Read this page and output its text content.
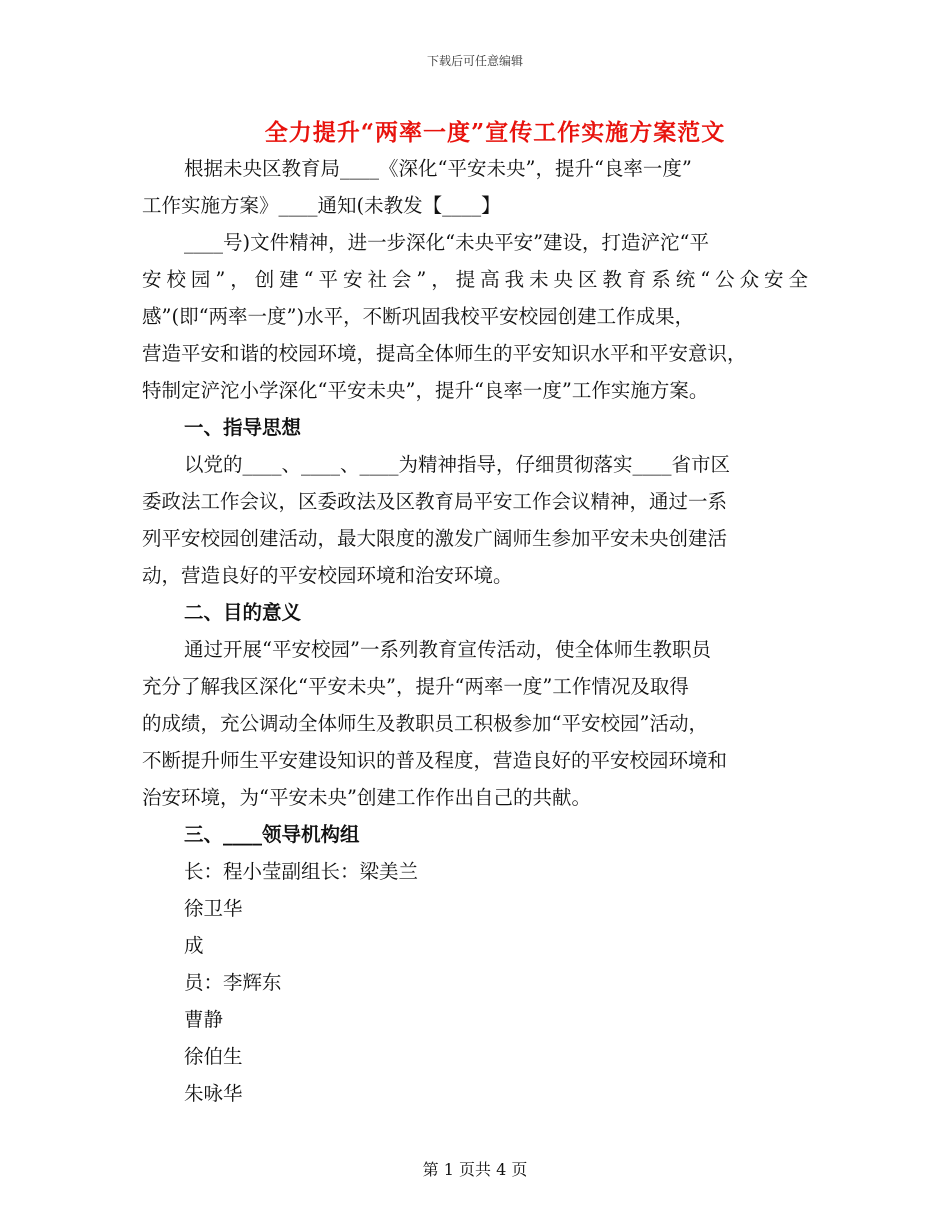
下载后可任意编辑
全力提升“两率一度”宣传工作实施方案范文
根据未央区教育局____《深化“平安未央”，提升“良率一度”
工作实施方案》____通知(未教发【____】
____号)文件精神，进一步深化“未央平安”建设，打造浐沱“平
安校园”，创建“平安社会”，提高我未央区教育系统“公众安全
感”(即“两率一度”)水平，不断巩固我校平安校园创建工作成果，
营造平安和谐的校园环境，提高全体师生的平安知识水平和平安意识，
特制定浐沱小学深化“平安未央”，提升“良率一度”工作实施方案。
一、指导思想
以党的____、____、____为精神指导，仔细贯彻落实____省市区
委政法工作会议，区委政法及区教育局平安工作会议精神，通过一系
列平安校园创建活动，最大限度的激发广阔师生参加平安未央创建活
动，营造良好的平安校园环境和治安环境。
二、目的意义
通过开展“平安校园”一系列教育宣传活动，使全体师生教职员
充分了解我区深化“平安未央”，提升“两率一度”工作情况及取得
的成绩，充公调动全体师生及教职员工积极参加“平安校园”活动，
不断提升师生平安建设知识的普及程度，营造良好的平安校园环境和
治安环境，为“平安未央”创建工作作出自己的共献。
三、____领导机构组
长：程小莹副组长：梁美兰
徐卫华
成
员：李辉东
曹静
徐伯生
朱咏华
第 1 页共 4 页
